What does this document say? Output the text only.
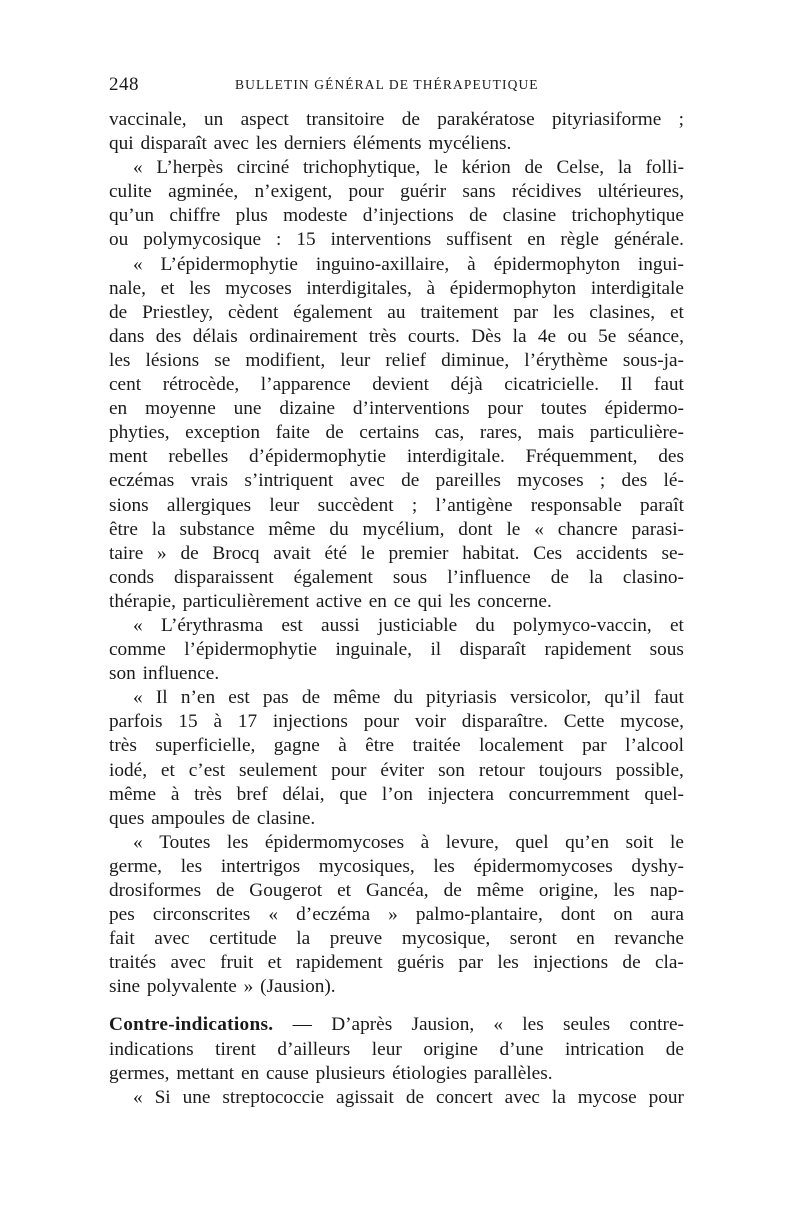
248	BULLETIN GÉNÉRAL DE THÉRAPEUTIQUE
vaccinale, un aspect transitoire de parakératose pityriasiforme ;
qui disparaît avec les derniers éléments mycéliens.
« L’herpès circiné trichophytique, le kérion de Celse, la folli-
culite agminée, n’exigent, pour guérir sans récidives ultérieures,
qu’un chiffre plus modeste d’injections de clasine trichophytique
ou polymycosique : 15 interventions suffisent en règle générale.
« L’épidermophytie inguino-axillaire, à épidermophyton ingui-
nale, et les mycoses interdigitales, à épidermophyton interdigitale
de Priestley, cèdent également au traitement par les clasines, et
dans des délais ordinairement très courts. Dès la 4e ou 5e séance,
les lésions se modifient, leur relief diminue, l’érythème sous-ja-
cent rétrocède, l’apparence devient déjà cicatricielle. Il faut
en moyenne une dizaine d’interventions pour toutes épidermo-
phyties, exception faite de certains cas, rares, mais particulière-
ment rebelles d’épidermophytie interdigitale. Fréquemment, des
eczémas vrais s’intriquent avec de pareilles mycoses ; des lé-
sions allergiques leur succèdent ; l’antigène responsable paraît
être la substance même du mycélium, dont le « chancre parasi-
taire » de Brocq avait été le premier habitat. Ces accidents se-
conds disparaissent également sous l’influence de la clasino-
thérapie, particulièrement active en ce qui les concerne.
« L’érythrasma est aussi justiciable du polymyco-vaccin, et
comme l’épidermophytie inguinale, il disparaît rapidement sous
son influence.
« Il n’en est pas de même du pityriasis versicolor, qu’il faut
parfois 15 à 17 injections pour voir disparaître. Cette mycose,
très superficielle, gagne à être traitée localement par l’alcool
iodé, et c’est seulement pour éviter son retour toujours possible,
même à très bref délai, que l’on injectera concurremment quel-
ques ampoules de clasine.
« Toutes les épidermomycoses à levure, quel qu’en soit le
germe, les intertrigos mycosiques, les épidermomycoses dyshy-
drosiformes de Gougerot et Gancéa, de même origine, les nap-
pes circonscrites « d’eczéma » palmo-plantaire, dont on aura
fait avec certitude la preuve mycosique, seront en revanche
traités avec fruit et rapidement guéris par les injections de cla-
sine polyvalente » (Jausion).
Contre-indications. — D’après Jausion, « les seules contre-
indications tirent d’ailleurs leur origine d’une intrication de
germes, mettant en cause plusieurs étiologies parallèles.
« Si une streptococcie agissait de concert avec la mycose pour
